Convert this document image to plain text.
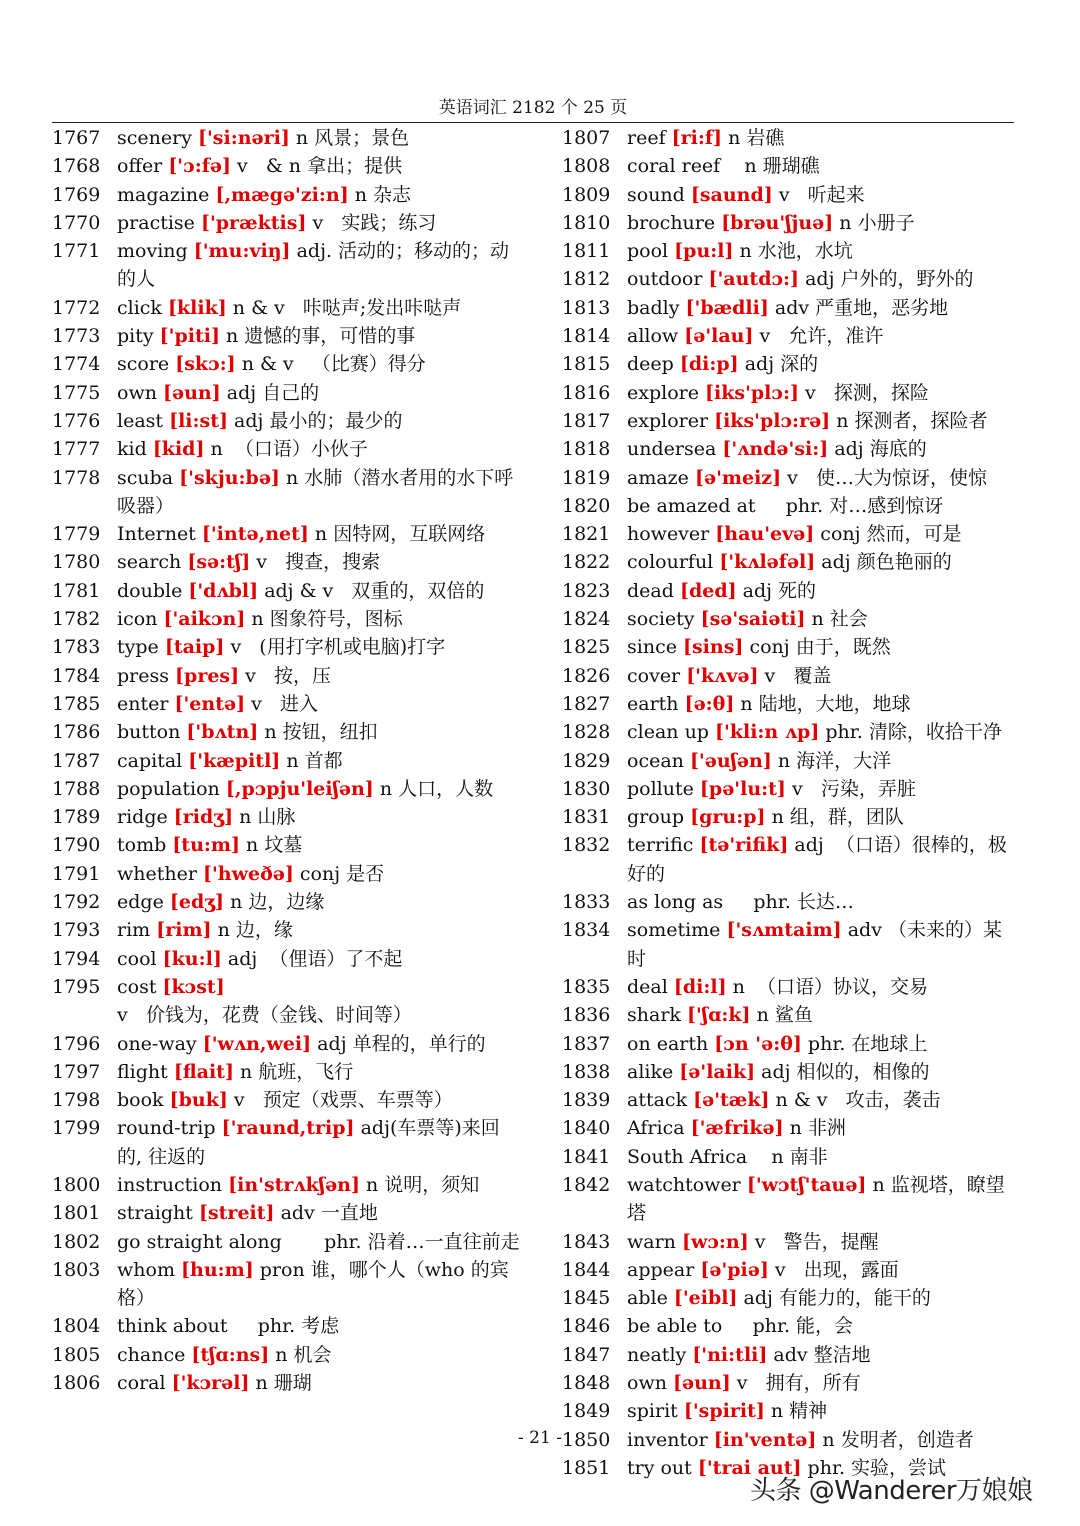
英语词汇 2182 个 25 页
1767 scenery ['si:nəri] n 风景；景色
1768 offer ['ɔ:fə] v   & n 拿出；提供
1769 magazine [,mægə'zi:n] n 杂志
1770 practise ['præktis] v   实践；练习
1771 moving ['mu:viŋ] adj. 活动的；移动的；动的人
1772 click [klik] n & v   咔哒声;发出咔哒声
1773 pity ['piti] n 遗憾的事，可惜的事
1774 score [skɔ:] n & v   （比赛）得分
1775 own [əun] adj 自己的
1776 least [li:st] adj 最小的；最少的
1777 kid [kid] n  （口语）小伙子
1778 scuba ['skju:bə] n 水肺（潜水者用的水下呼吸器）
1779 Internet ['intə,net] n 因特网，互联网络
1780 search [sə:tʃ] v   搜查，搜索
1781 double ['dʌbl] adj & v   双重的，双倍的
1782 icon ['aikɔn] n 图象符号，图标
1783 type [taip] v   (用打字机或电脑)打字
1784 press [pres] v   按，压
1785 enter ['entə] v   进入
1786 button ['bʌtn] n 按钮，纽扣
1787 capital ['kæpitl] n 首都
1788 population [,pɔpju'leiʃən] n 人口，人数
1789 ridge [ridʒ] n 山脉
1790 tomb [tu:m] n 坟墓
1791 whether ['hweðə] conj 是否
1792 edge [edʒ] n 边，边缘
1793 rim [rim] n 边，缘
1794 cool [ku:l] adj  （俚语）了不起
1795 cost [kɔst] v   价钱为，花费（金钱、时间等）
1796 one-way ['wʌn,wei] adj 单程的，单行的
1797 flight [flait] n 航班，飞行
1798 book [buk] v   预定（戏票、车票等）
1799 round-trip ['raund,trip] adj(车票等)来回的, 往返的
1800 instruction [in'strʌkʃən] n 说明，须知
1801 straight [streit] adv 一直地
1802 go straight along       phr. 沿着…一直往前走
1803 whom [hu:m] pron 谁，哪个人（who 的宾格）
1804 think about     phr. 考虑
1805 chance [tʃɑ:ns] n 机会
1806 coral ['kɔrəl] n 珊瑚
1807 reef [ri:f] n 岩礁
1808 coral reef    n 珊瑚礁
1809 sound [saund] v   听起来
1810 brochure [brəu'ʃjuə] n 小册子
1811 pool [pu:l] n 水池，水坑
1812 outdoor ['autdɔ:] adj 户外的，野外的
1813 badly ['bædli] adv 严重地，恶劣地
1814 allow [ə'lau] v   允许，准许
1815 deep [di:p] adj 深的
1816 explore [iks'plɔ:] v   探测，探险
1817 explorer [iks'plɔ:rə] n 探测者，探险者
1818 undersea ['ʌndə'si:] adj 海底的
1819 amaze [ə'meiz] v   使…大为惊讶，使惊
1820 be amazed at     phr. 对…感到惊讶
1821 however [hau'evə] conj 然而，可是
1822 colourful ['kʌləfəl] adj 颜色艳丽的
1823 dead [ded] adj 死的
1824 society [sə'saiəti] n 社会
1825 since [sins] conj 由于，既然
1826 cover ['kʌvə] v   覆盖
1827 earth [ə:θ] n 陆地，大地，地球
1828 clean up ['kli:n ʌp] phr. 清除，收拾干净
1829 ocean ['əuʃən] n 海洋，大洋
1830 pollute [pə'lu:t] v   污染，弄脏
1831 group [gru:p] n 组，群，团队
1832 terrific [tə'rifik] adj  （口语）很棒的，极好的
1833 as long as     phr. 长达…
1834 sometime ['sʌmtaim] adv （未来的）某时
1835 deal [di:l] n  （口语）协议，交易
1836 shark ['ʃɑ:k] n 鲨鱼
1837 on earth [ɔn 'ə:θ] phr. 在地球上
1838 alike [ə'laik] adj 相似的，相像的
1839 attack [ə'tæk] n & v   攻击，袭击
1840 Africa ['æfrikə] n 非洲
1841 South Africa    n 南非
1842 watchtower ['wɔtʃ'tauə] n 监视塔，瞭望塔
1843 warn [wɔ:n] v   警告，提醒
1844 appear [ə'piə] v   出现，露面
1845 able ['eibl] adj 有能力的，能干的
1846 be able to     phr. 能，会
1847 neatly ['ni:tli] adv 整洁地
1848 own [əun] v   拥有，所有
1849 spirit ['spirit] n 精神
1850 inventor [in'ventə] n 发明者，创造者
1851 try out ['trai aut] phr. 实验，尝试
- 21 -
头条 @Wanderer万娘娘
